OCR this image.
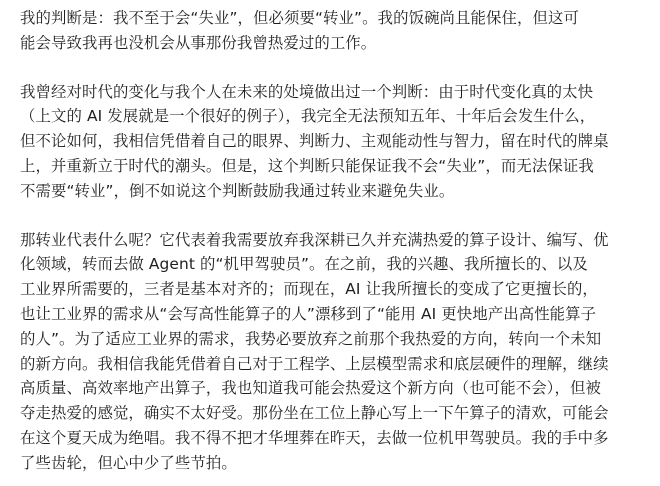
我的判断是：我不至于会“失业”，但必须要“转业”。我的饭碗尚且能保住，但这可
能会导致我再也没机会从事那份我曾热爱过的工作。

我曾经对时代的变化与我个人在未来的处境做出过一个判断：由于时代变化真的太快
（上文的 AI 发展就是一个很好的例子），我完全无法预知五年、十年后会发生什么，
但不论如何，我相信凭借着自己的眼界、判断力、主观能动性与智力，留在时代的牌桌
上，并重新立于时代的潮头。但是，这个判断只能保证我不会“失业”，而无法保证我
不需要“转业”，倒不如说这个判断鼓励我通过转业来避免失业。

那转业代表什么呢？它代表着我需要放弃我深耕已久并充满热爱的算子设计、编写、优
化领域，转而去做 Agent 的“机甲驾驶员”。在之前，我的兴趣、我所擅长的、以及
工业界所需要的，三者是基本对齐的；而现在，AI 让我所擅长的变成了它更擅长的，
也让工业界的需求从“会写高性能算子的人”漂移到了“能用 AI 更快地产出高性能算子
的人”。为了适应工业界的需求，我势必要放弃之前那个我热爱的方向，转向一个未知
的新方向。我相信我能凭借着自己对于工程学、上层模型需求和底层硬件的理解，继续
高质量、高效率地产出算子，我也知道我可能会热爱这个新方向（也可能不会），但被
夺走热爱的感觉，确实不太好受。那份坐在工位上静心写上一下午算子的清欢，可能会
在这个夏天成为绝唱。我不得不把才华埋葬在昨天，去做一位机甲驾驶员。我的手中多
了些齿轮，但心中少了些节拍。
